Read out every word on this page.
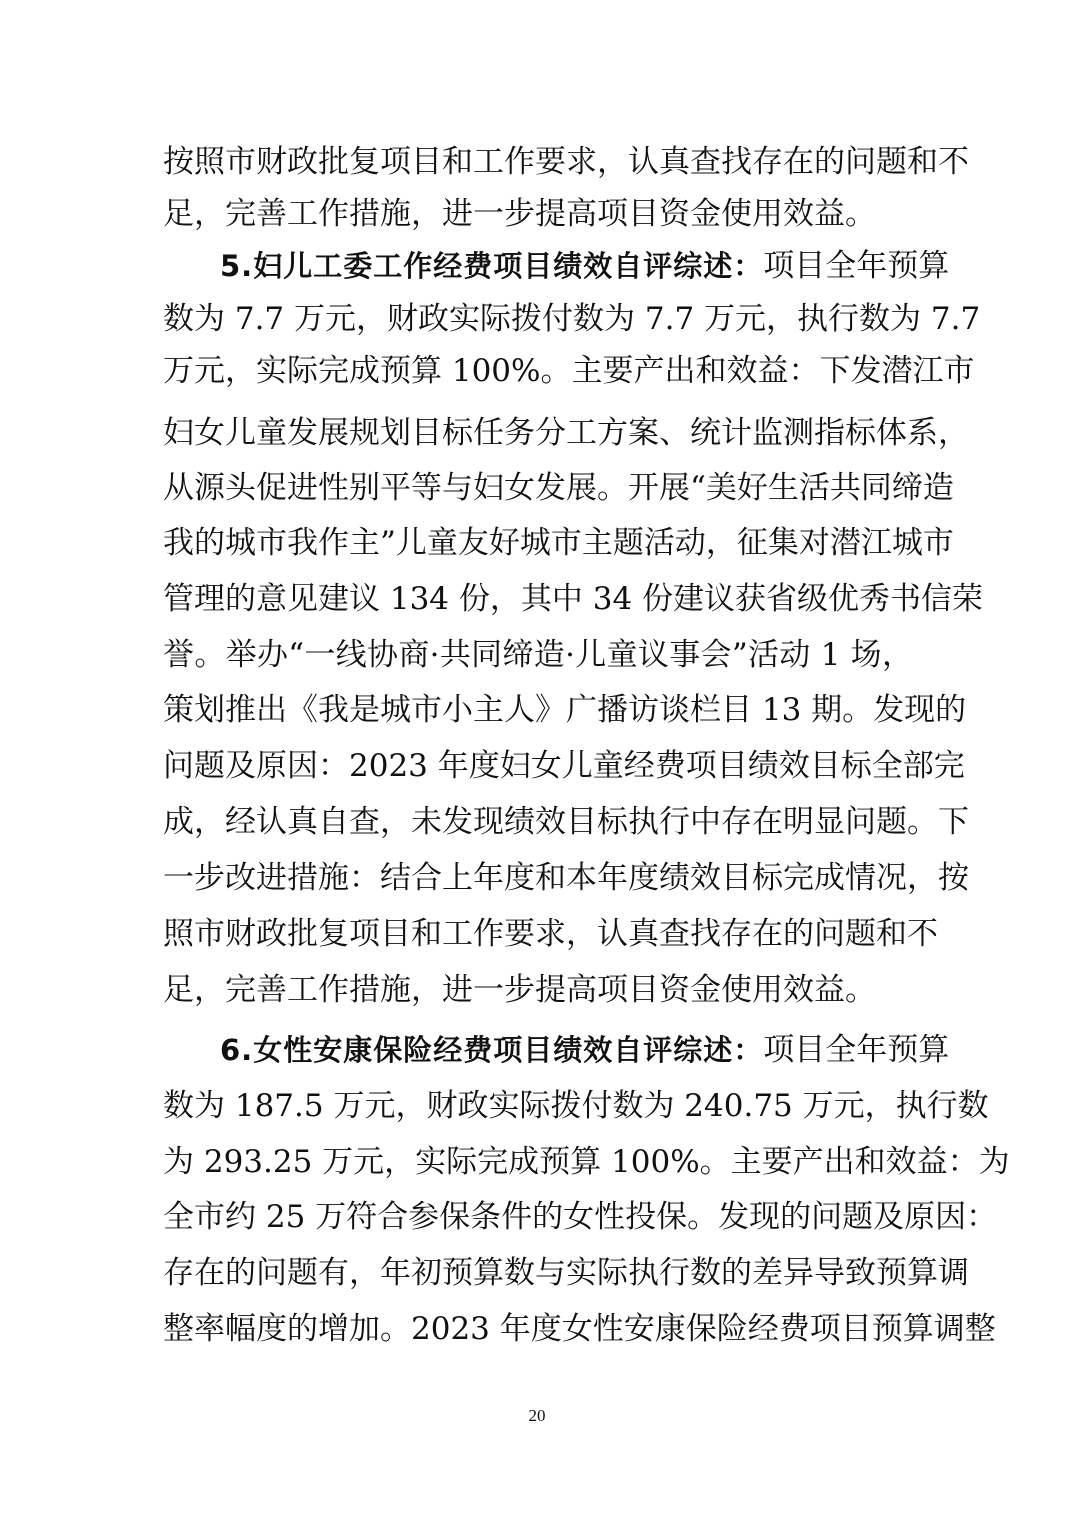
按照市财政批复项目和工作要求，认真查找存在的问题和不
足，完善工作措施，进一步提高项目资金使用效益。
5.妇儿工委工作经费项目绩效自评综述：项目全年预算
数为 7.7 万元，财政实际拨付数为 7.7 万元，执行数为 7.7
万元，实际完成预算 100%。主要产出和效益：下发潜江市
妇女儿童发展规划目标任务分工方案、统计监测指标体系，
从源头促进性别平等与妇女发展。开展“美好生活共同缔造
我的城市我作主”儿童友好城市主题活动，征集对潜江城市
管理的意见建议 134 份，其中 34 份建议获省级优秀书信荣
誉。举办“一线协商·共同缔造·儿童议事会”活动 1 场，
策划推出《我是城市小主人》广播访谈栏目 13 期。发现的
问题及原因：2023 年度妇女儿童经费项目绩效目标全部完
成，经认真自查，未发现绩效目标执行中存在明显问题。下
一步改进措施：结合上年度和本年度绩效目标完成情况，按
照市财政批复项目和工作要求，认真查找存在的问题和不
足，完善工作措施，进一步提高项目资金使用效益。
6.女性安康保险经费项目绩效自评综述：项目全年预算
数为 187.5 万元，财政实际拨付数为 240.75 万元，执行数
为 293.25 万元，实际完成预算 100%。主要产出和效益：为
全市约 25 万符合参保条件的女性投保。发现的问题及原因：
存在的问题有，年初预算数与实际执行数的差异导致预算调
整率幅度的增加。2023 年度女性安康保险经费项目预算调整
20
